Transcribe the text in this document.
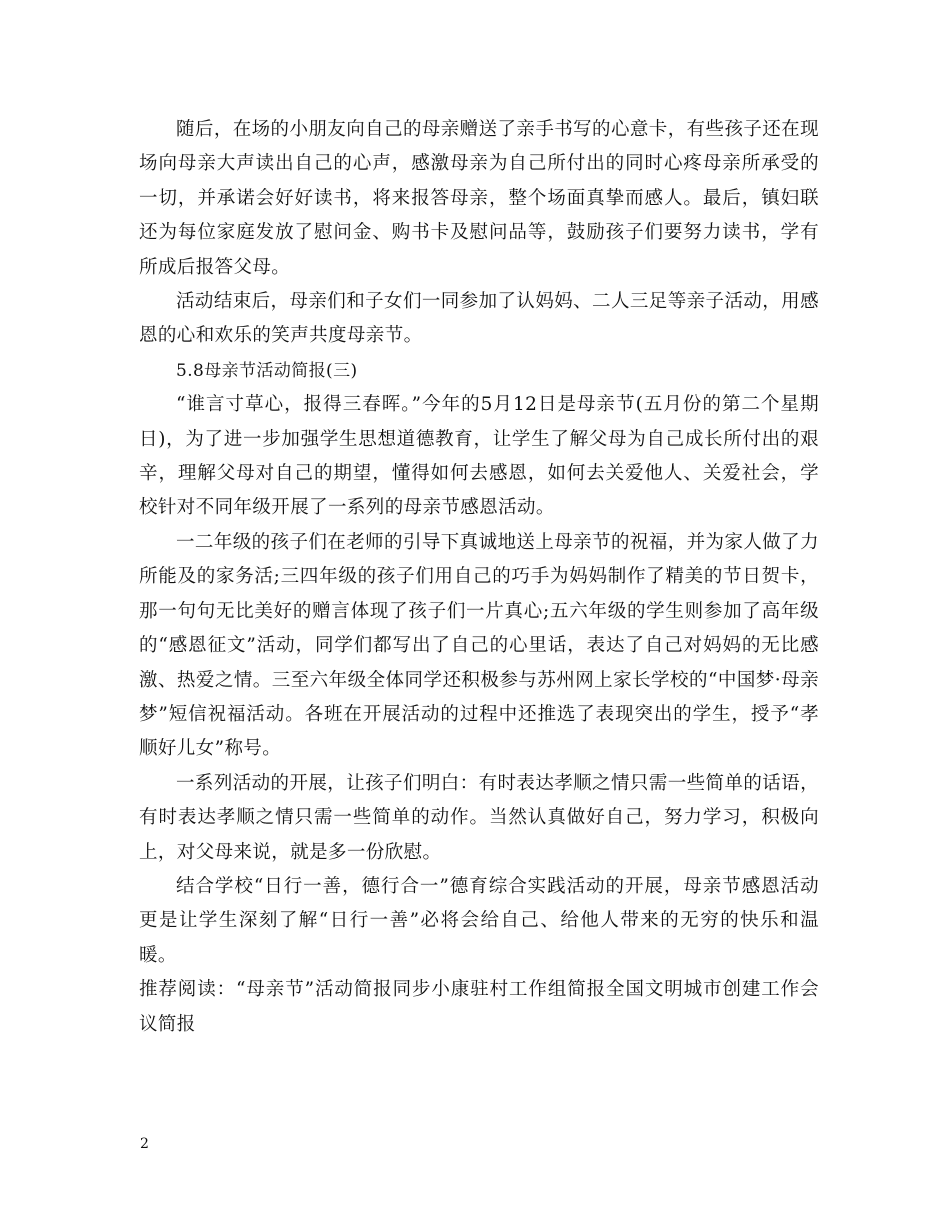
随后，在场的小朋友向自己的母亲赠送了亲手书写的心意卡，有些孩子还在现场向母亲大声读出自己的心声，感激母亲为自己所付出的同时心疼母亲所承受的一切，并承诺会好好读书，将来报答母亲，整个场面真挚而感人。最后，镇妇联还为每位家庭发放了慰问金、购书卡及慰问品等，鼓励孩子们要努力读书，学有所成后报答父母。

活动结束后，母亲们和子女们一同参加了认妈妈、二人三足等亲子活动，用感恩的心和欢乐的笑声共度母亲节。

5.8母亲节活动简报(三)

“谁言寸草心，报得三春晖。”今年的5月12日是母亲节(五月份的第二个星期日)，为了进一步加强学生思想道德教育，让学生了解父母为自己成长所付出的艰辛，理解父母对自己的期望，懂得如何去感恩，如何去关爱他人、关爱社会，学校针对不同年级开展了一系列的母亲节感恩活动。

一二年级的孩子们在老师的引导下真诚地送上母亲节的祝福，并为家人做了力所能及的家务活;三四年级的孩子们用自己的巧手为妈妈制作了精美的节日贺卡，那一句句无比美好的赠言体现了孩子们一片真心;五六年级的学生则参加了高年级的“感恩征文”活动，同学们都写出了自己的心里话，表达了自己对妈妈的无比感激、热爱之情。三至六年级全体同学还积极参与苏州网上家长学校的“中国梦·母亲梦”短信祝福活动。各班在开展活动的过程中还推选了表现突出的学生，授予“孝顺好儿女”称号。

一系列活动的开展，让孩子们明白：有时表达孝顺之情只需一些简单的话语，有时表达孝顺之情只需一些简单的动作。当然认真做好自己，努力学习，积极向上，对父母来说，就是多一份欣慰。

结合学校“日行一善，德行合一”德育综合实践活动的开展，母亲节感恩活动更是让学生深刻了解“日行一善”必将会给自己、给他人带来的无穷的快乐和温暖。

推荐阅读：“母亲节”活动简报同步小康驻村工作组简报全国文明城市创建工作会议简报

2
